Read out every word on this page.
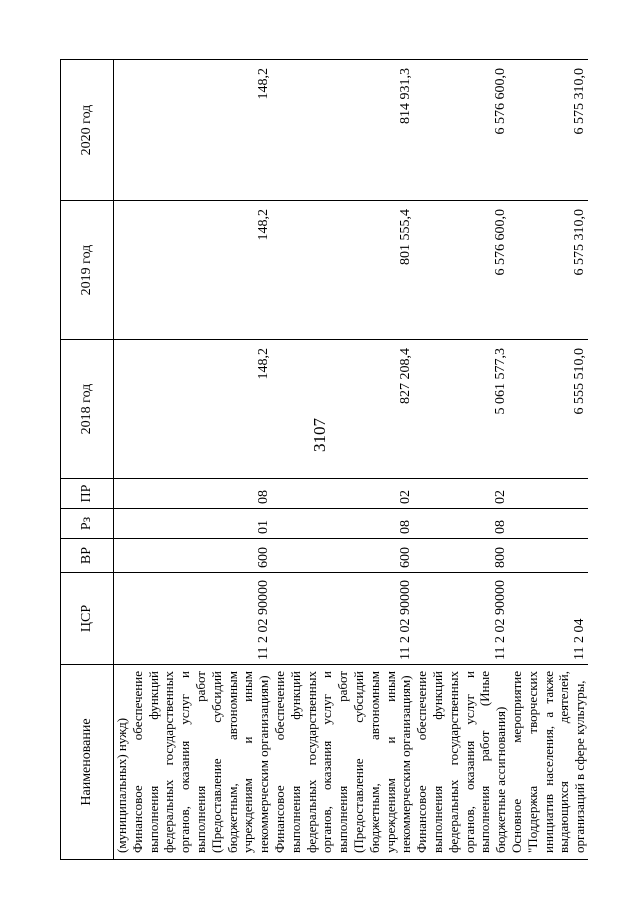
3107
Наименование	ЦСР	ВР	Рз	ПР	2018 год	2019 год	2020 год
(муниципальных) нужд)							
Финансовое обеспечение выполнения функций федеральных государственных органов, оказания услуг и выполнения работ (Предоставление субсидий бюджетным, автономным учреждениям и иным некоммерческим организациям)	11 2 02 90000	600	01	08	148,2	148,2	148,2
Финансовое обеспечение выполнения функций федеральных государственных органов, оказания услуг и выполнения работ (Предоставление субсидий бюджетным, автономным учреждениям и иным некоммерческим организациям)	11 2 02 90000	600	08	02	827 208,4	801 555,4	814 931,3
Финансовое обеспечение выполнения функций федеральных государственных органов, оказания услуг и выполнения работ (Иные бюджетные ассигнования)	11 2 02 90000	800	08	02	5 061 577,3	6 576 600,0	6 576 600,0
Основное мероприятие "Поддержка творческих инициатив населения, а также выдающихся деятелей, организаций в сфере культуры,	11 2 04				6 555 510,0	6 575 310,0	6 575 310,0
